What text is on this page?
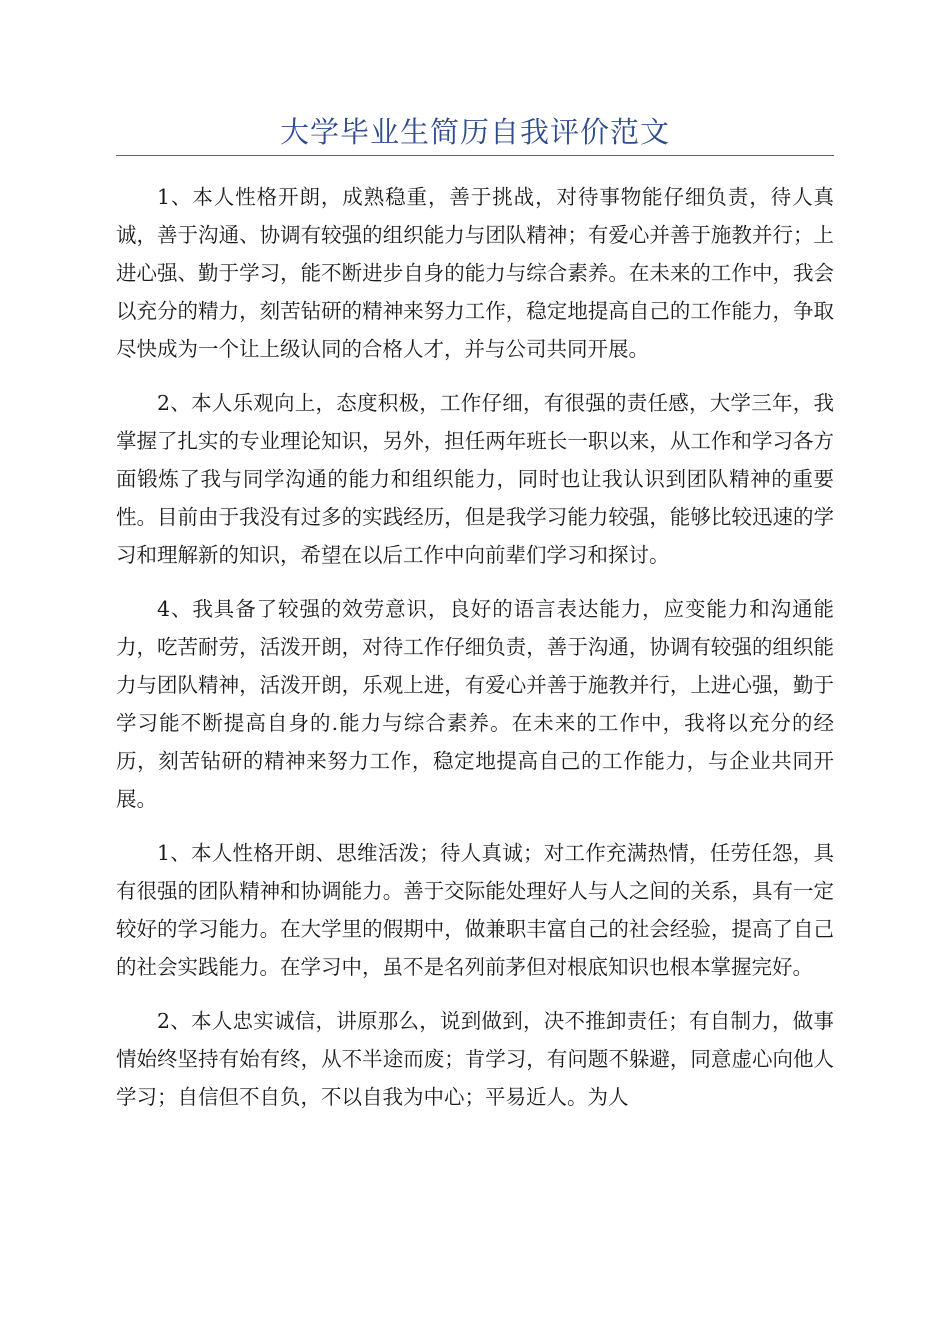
大学毕业生简历自我评价范文

1、本人性格开朗，成熟稳重，善于挑战，对待事物能仔细负责，待人真诚，善于沟通、协调有较强的组织能力与团队精神；有爱心并善于施教并行；上进心强、勤于学习，能不断进步自身的能力与综合素养。在未来的工作中，我会以充分的精力，刻苦钻研的精神来努力工作，稳定地提高自己的工作能力，争取尽快成为一个让上级认同的合格人才，并与公司共同开展。

2、本人乐观向上，态度积极，工作仔细，有很强的责任感，大学三年，我掌握了扎实的专业理论知识，另外，担任两年班长一职以来，从工作和学习各方面锻炼了我与同学沟通的能力和组织能力，同时也让我认识到团队精神的重要性。目前由于我没有过多的实践经历，但是我学习能力较强，能够比较迅速的学习和理解新的知识，希望在以后工作中向前辈们学习和探讨。

4、我具备了较强的效劳意识，良好的语言表达能力，应变能力和沟通能力，吃苦耐劳，活泼开朗，对待工作仔细负责，善于沟通，协调有较强的组织能力与团队精神，活泼开朗，乐观上进，有爱心并善于施教并行，上进心强，勤于学习能不断提高自身的.能力与综合素养。在未来的工作中，我将以充分的经历，刻苦钻研的精神来努力工作，稳定地提高自己的工作能力，与企业共同开展。

1、本人性格开朗、思维活泼；待人真诚；对工作充满热情，任劳任怨，具有很强的团队精神和协调能力。善于交际能处理好人与人之间的关系，具有一定较好的学习能力。在大学里的假期中，做兼职丰富自己的社会经验，提高了自己的社会实践能力。在学习中，虽不是名列前茅但对根底知识也根本掌握完好。

2、本人忠实诚信，讲原那么，说到做到，决不推卸责任；有自制力，做事情始终坚持有始有终，从不半途而废；肯学习，有问题不躲避，同意虚心向他人学习；自信但不自负，不以自我为中心；平易近人。为人
